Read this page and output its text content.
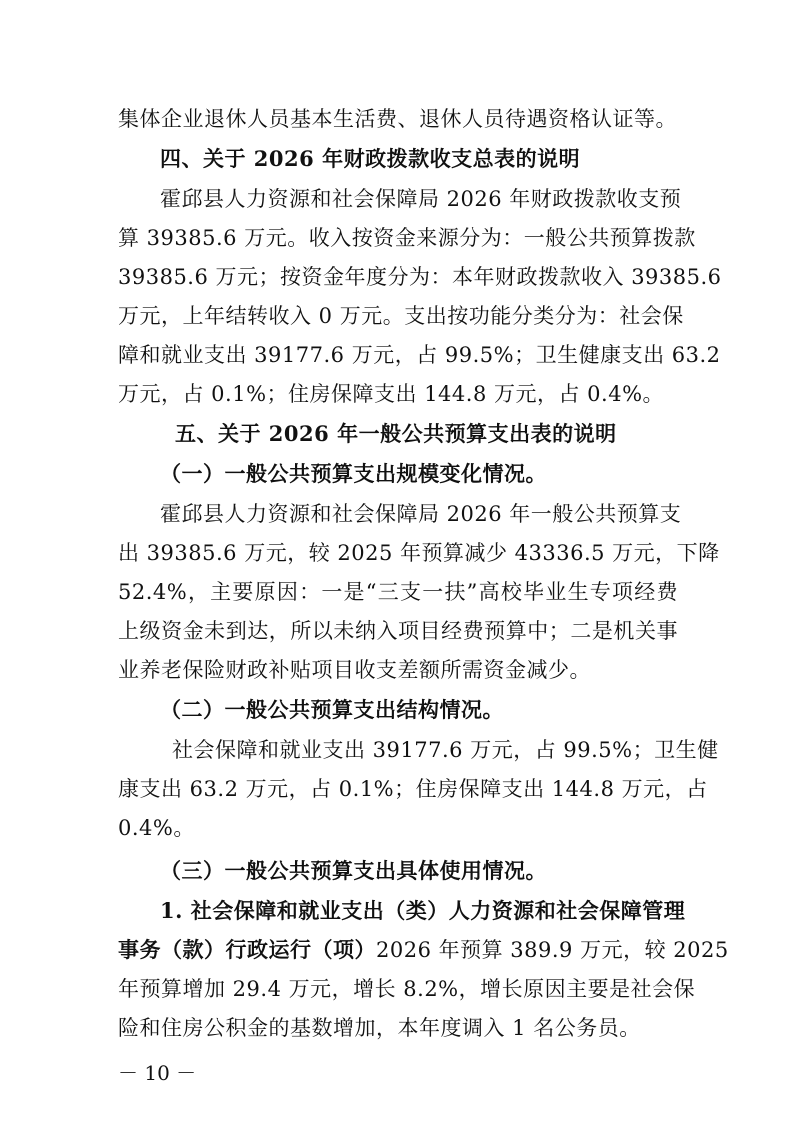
集体企业退休人员基本生活费、退休人员待遇资格认证等。
四、关于 2026 年财政拨款收支总表的说明
霍邱县人力资源和社会保障局 2026 年财政拨款收支预
算 39385.6 万元。收入按资金来源分为：一般公共预算拨款
39385.6 万元；按资金年度分为：本年财政拨款收入 39385.6
万元，上年结转收入 0 万元。支出按功能分类分为：社会保
障和就业支出 39177.6 万元，占 99.5%；卫生健康支出 63.2
万元，占 0.1%；住房保障支出 144.8 万元，占 0.4%。
五、关于 2026 年一般公共预算支出表的说明
（一）一般公共预算支出规模变化情况。
霍邱县人力资源和社会保障局 2026 年一般公共预算支
出 39385.6 万元，较 2025 年预算减少 43336.5 万元，下降
52.4%，主要原因：一是“三支一扶”高校毕业生专项经费
上级资金未到达，所以未纳入项目经费预算中；二是机关事
业养老保险财政补贴项目收支差额所需资金减少。
（二）一般公共预算支出结构情况。
社会保障和就业支出 39177.6 万元，占 99.5%；卫生健
康支出 63.2 万元，占 0.1%；住房保障支出 144.8 万元，占
0.4%。
（三）一般公共预算支出具体使用情况。
1. 社会保障和就业支出（类）人力资源和社会保障管理
事务（款）行政运行（项）2026 年预算 389.9 万元，较 2025
年预算增加 29.4 万元，增长 8.2%，增长原因主要是社会保
险和住房公积金的基数增加，本年度调入 1 名公务员。
－ 10 －
